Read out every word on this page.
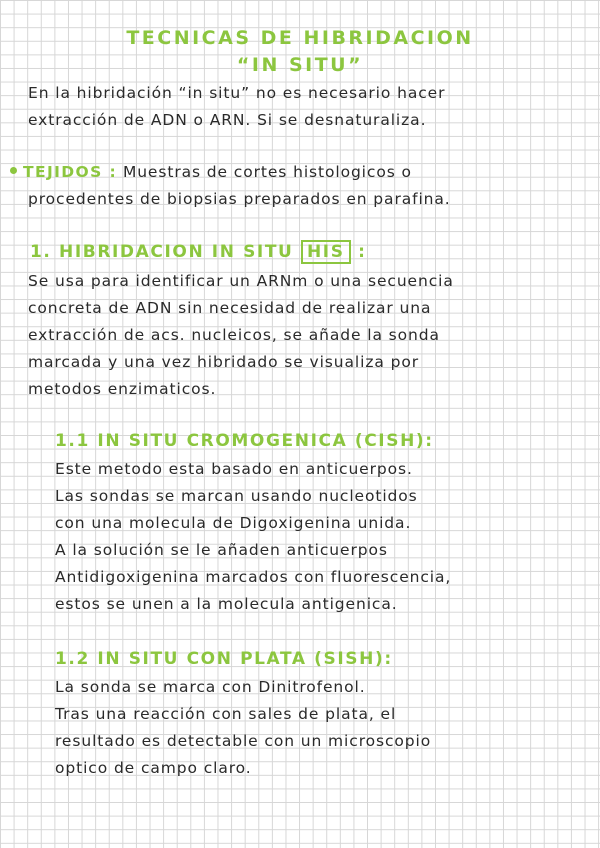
TECNICAS DE HIBRIDACION
“IN SITU”
En la hibridación “in situ” no es necesario hacer
extracción de ADN o ARN. Si se desnaturaliza.
TEJIDOS : Muestras de cortes histologicos o
procedentes de biopsias preparados en parafina.
1. HIBRIDACION IN SITU HIS :
Se usa para identificar un ARNm o una secuencia
concreta de ADN sin necesidad de realizar una
extracción de acs. nucleicos, se añade la sonda
marcada y una vez hibridado se visualiza por
metodos enzimaticos.
1.1 IN SITU CROMOGENICA (CISH):
Este metodo esta basado en anticuerpos.
Las sondas se marcan usando nucleotidos
con una molecula de Digoxigenina unida.
A la solución se le añaden anticuerpos
Antidigoxigenina marcados con fluorescencia,
estos se unen a la molecula antigenica.
1.2 IN SITU CON PLATA (SISH):
La sonda se marca con Dinitrofenol.
Tras una reacción con sales de plata, el
resultado es detectable con un microscopio
optico de campo claro.
